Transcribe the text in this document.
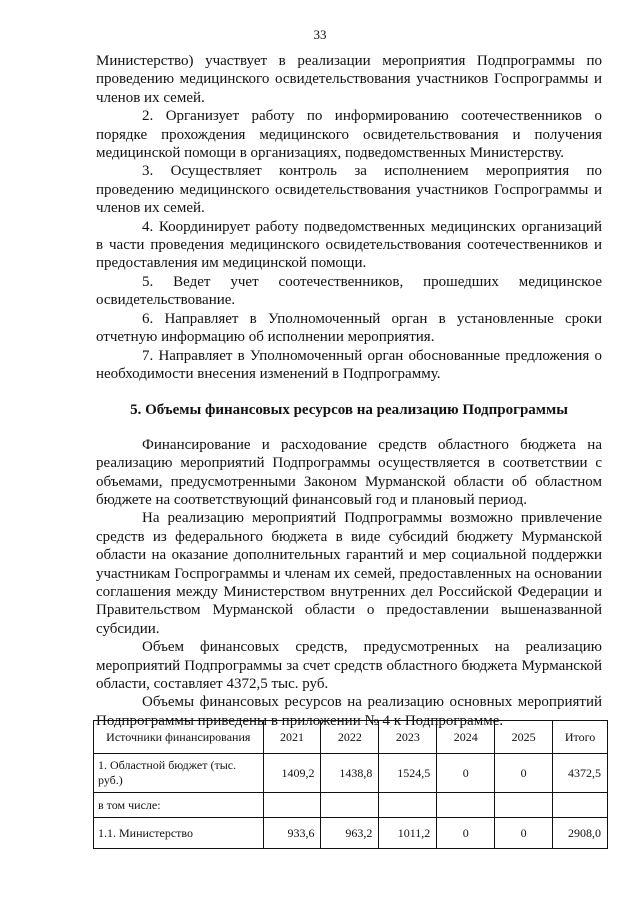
33

Министерство) участвует в реализации мероприятия Подпрограммы по проведению медицинского освидетельствования участников Госпрограммы и членов их семей.

2. Организует работу по информированию соотечественников о порядке прохождения медицинского освидетельствования и получения медицинской помощи в организациях, подведомственных Министерству.

3. Осуществляет контроль за исполнением мероприятия по проведению медицинского освидетельствования участников Госпрограммы и членов их семей.

4. Координирует работу подведомственных медицинских организаций в части проведения медицинского освидетельствования соотечественников и предоставления им медицинской помощи.

5. Ведет учет соотечественников, прошедших медицинское освидетельствование.

6. Направляет в Уполномоченный орган в установленные сроки отчетную информацию об исполнении мероприятия.

7. Направляет в Уполномоченный орган обоснованные предложения о необходимости внесения изменений в Подпрограмму.

5. Объемы финансовых ресурсов на реализацию Подпрограммы

Финансирование и расходование средств областного бюджета на реализацию мероприятий Подпрограммы осуществляется в соответствии с объемами, предусмотренными Законом Мурманской области об областном бюджете на соответствующий финансовый год и плановый период.

На реализацию мероприятий Подпрограммы возможно привлечение средств из федерального бюджета в виде субсидий бюджету Мурманской области на оказание дополнительных гарантий и мер социальной поддержки участникам Госпрограммы и членам их семей, предоставленных на основании соглашения между Министерством внутренних дел Российской Федерации и Правительством Мурманской области о предоставлении вышеназванной субсидии.

Объем финансовых средств, предусмотренных на реализацию мероприятий Подпрограммы за счет средств областного бюджета Мурманской области, составляет 4372,5 тыс. руб.

Объемы финансовых ресурсов на реализацию основных мероприятий Подпрограммы приведены в приложении № 4 к Подпрограмме.

Источники финансирования	2021	2022	2023	2024	2025	Итого
1. Областной бюджет (тыс. руб.)	1409,2	1438,8	1524,5	0	0	4372,5
в том числе:						
1.1. Министерство	933,6	963,2	1011,2	0	0	2908,0
